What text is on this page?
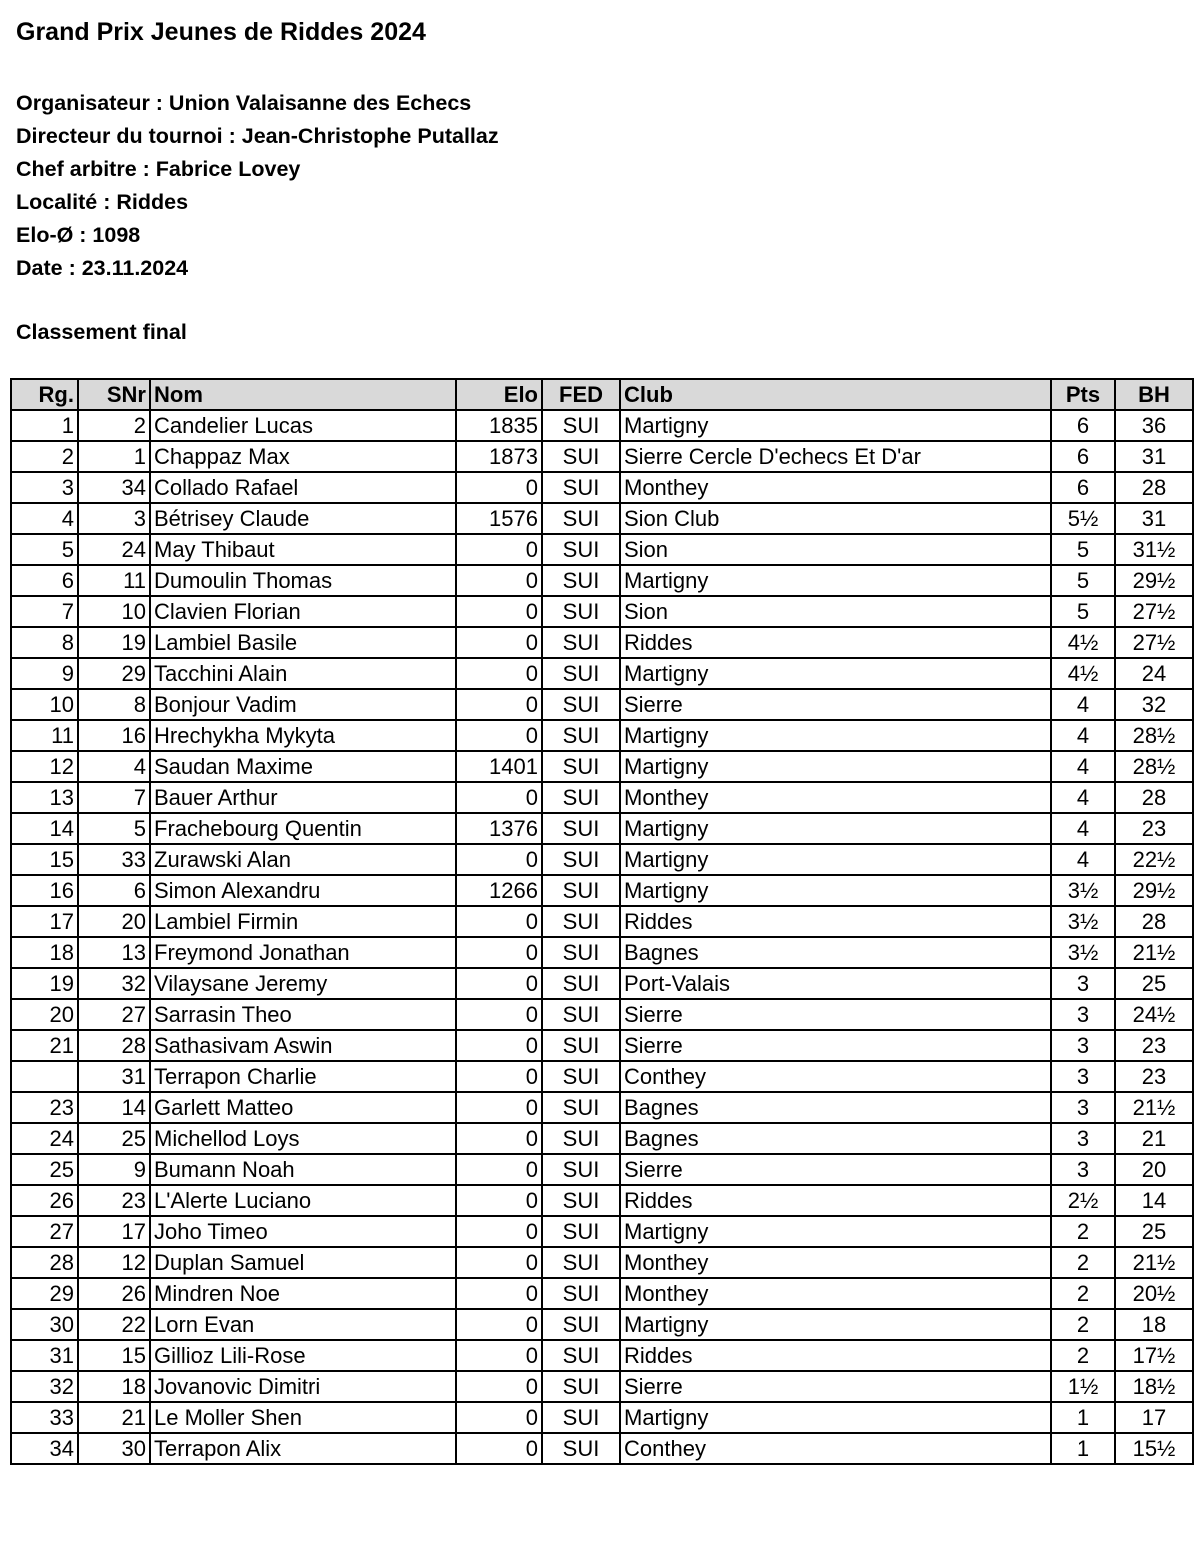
Grand Prix Jeunes de Riddes 2024
Organisateur : Union Valaisanne des Echecs
Directeur du tournoi : Jean-Christophe Putallaz
Chef arbitre : Fabrice Lovey
Localité : Riddes
Elo-Ø : 1098
Date : 23.11.2024
Classement final
Rg.	SNr	Nom	Elo	FED	Club	Pts	BH
1	2	Candelier Lucas	1835	SUI	Martigny	6	36
2	1	Chappaz Max	1873	SUI	Sierre Cercle D'echecs Et D'ar	6	31
3	34	Collado Rafael	0	SUI	Monthey	6	28
4	3	Bétrisey Claude	1576	SUI	Sion Club	5½	31
5	24	May Thibaut	0	SUI	Sion	5	31½
6	11	Dumoulin Thomas	0	SUI	Martigny	5	29½
7	10	Clavien Florian	0	SUI	Sion	5	27½
8	19	Lambiel Basile	0	SUI	Riddes	4½	27½
9	29	Tacchini Alain	0	SUI	Martigny	4½	24
10	8	Bonjour Vadim	0	SUI	Sierre	4	32
11	16	Hrechykha Mykyta	0	SUI	Martigny	4	28½
12	4	Saudan Maxime	1401	SUI	Martigny	4	28½
13	7	Bauer Arthur	0	SUI	Monthey	4	28
14	5	Frachebourg Quentin	1376	SUI	Martigny	4	23
15	33	Zurawski Alan	0	SUI	Martigny	4	22½
16	6	Simon Alexandru	1266	SUI	Martigny	3½	29½
17	20	Lambiel Firmin	0	SUI	Riddes	3½	28
18	13	Freymond Jonathan	0	SUI	Bagnes	3½	21½
19	32	Vilaysane Jeremy	0	SUI	Port-Valais	3	25
20	27	Sarrasin Theo	0	SUI	Sierre	3	24½
21	28	Sathasivam Aswin	0	SUI	Sierre	3	23
	31	Terrapon Charlie	0	SUI	Conthey	3	23
23	14	Garlett Matteo	0	SUI	Bagnes	3	21½
24	25	Michellod Loys	0	SUI	Bagnes	3	21
25	9	Bumann Noah	0	SUI	Sierre	3	20
26	23	L'Alerte Luciano	0	SUI	Riddes	2½	14
27	17	Joho Timeo	0	SUI	Martigny	2	25
28	12	Duplan Samuel	0	SUI	Monthey	2	21½
29	26	Mindren Noe	0	SUI	Monthey	2	20½
30	22	Lorn Evan	0	SUI	Martigny	2	18
31	15	Gillioz Lili-Rose	0	SUI	Riddes	2	17½
32	18	Jovanovic Dimitri	0	SUI	Sierre	1½	18½
33	21	Le Moller Shen	0	SUI	Martigny	1	17
34	30	Terrapon Alix	0	SUI	Conthey	1	15½
